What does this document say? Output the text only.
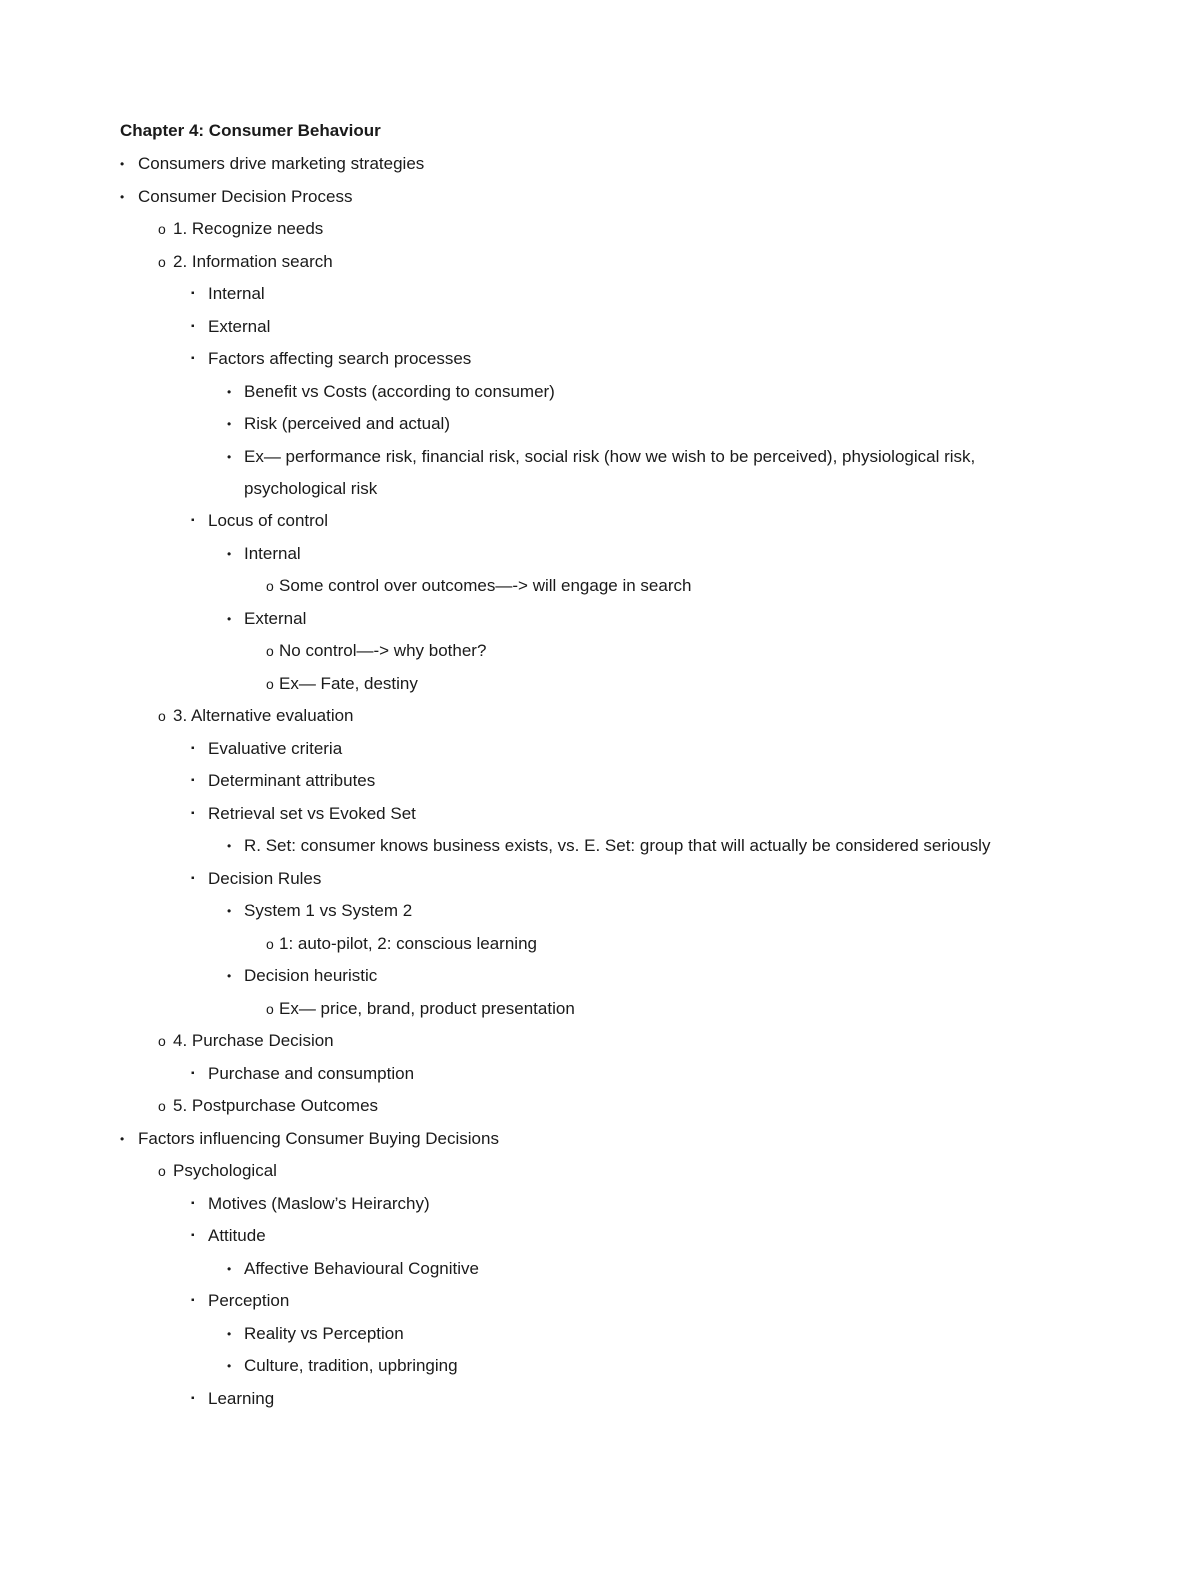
Chapter 4: Consumer Behaviour
• Consumers drive marketing strategies
• Consumer Decision Process
o 1. Recognize needs
o 2. Information search
▪ Internal
▪ External
▪ Factors affecting search processes
• Benefit vs Costs (according to consumer)
• Risk (perceived and actual)
• Ex— performance risk, financial risk, social risk (how we wish to be perceived), physiological risk, psychological risk
▪ Locus of control
• Internal
o Some control over outcomes—-> will engage in search
• External
o No control—-> why bother?
o Ex— Fate, destiny
o 3. Alternative evaluation
▪ Evaluative criteria
▪ Determinant attributes
▪ Retrieval set vs Evoked Set
• R. Set: consumer knows business exists, vs. E. Set: group that will actually be considered seriously
▪ Decision Rules
• System 1 vs System 2
o 1: auto-pilot, 2: conscious learning
• Decision heuristic
o Ex— price, brand, product presentation
o 4. Purchase Decision
▪ Purchase and consumption
o 5. Postpurchase Outcomes
• Factors influencing Consumer Buying Decisions
o Psychological
▪ Motives (Maslow’s Heirarchy)
▪ Attitude
• Affective Behavioural Cognitive
▪ Perception
• Reality vs Perception
• Culture, tradition, upbringing
▪ Learning
